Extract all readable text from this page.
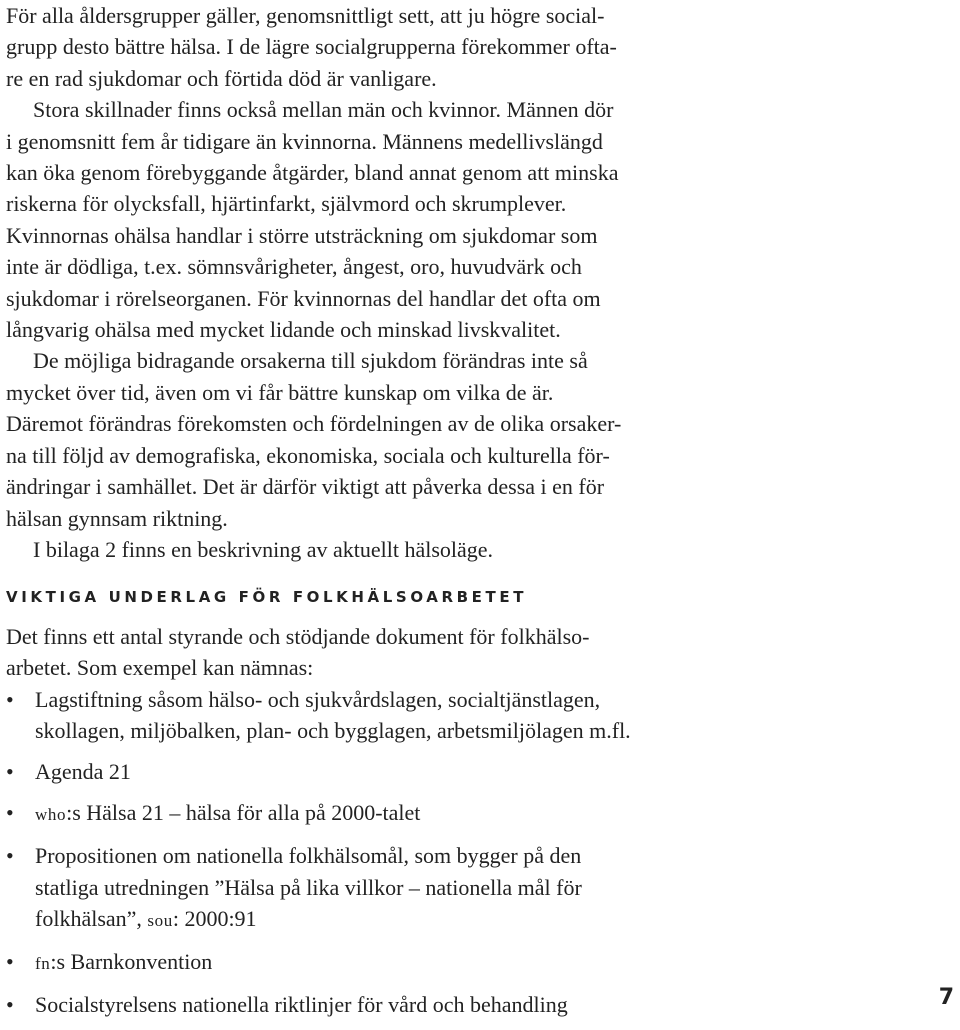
För alla åldersgrupper gäller, genomsnittligt sett, att ju högre social-
grupp desto bättre hälsa. I de lägre socialgrupperna förekommer ofta-
re en rad sjukdomar och förtida död är vanligare.
Stora skillnader finns också mellan män och kvinnor. Männen dör
i genomsnitt fem år tidigare än kvinnorna. Männens medellivslängd
kan öka genom förebyggande åtgärder, bland annat genom att minska
riskerna för olycksfall, hjärtinfarkt, självmord och skrumplever.
Kvinnornas ohälsa handlar i större utsträckning om sjukdomar som
inte är dödliga, t.ex. sömnsvårigheter, ångest, oro, huvudvärk och
sjukdomar i rörelseorganen. För kvinnornas del handlar det ofta om
långvarig ohälsa med mycket lidande och minskad livskvalitet.
De möjliga bidragande orsakerna till sjukdom förändras inte så
mycket över tid, även om vi får bättre kunskap om vilka de är.
Däremot förändras förekomsten och fördelningen av de olika orsaker-
na till följd av demografiska, ekonomiska, sociala och kulturella för-
ändringar i samhället. Det är därför viktigt att påverka dessa i en för
hälsan gynnsam riktning.
I bilaga 2 finns en beskrivning av aktuellt hälsoläge.
VIKTIGA UNDERLAG FÖR FOLKHÄLSOARBETET
Det finns ett antal styrande och stödjande dokument för folkhälso-
arbetet. Som exempel kan nämnas:
• Lagstiftning såsom hälso- och sjukvårdslagen, socialtjänstlagen,
skollagen, miljöbalken, plan- och bygglagen, arbetsmiljölagen m.fl.
• Agenda 21
• who:s Hälsa 21 – hälsa för alla på 2000-talet
• Propositionen om nationella folkhälsomål, som bygger på den
statliga utredningen ”Hälsa på lika villkor – nationella mål för
folkhälsan”, sou: 2000:91
• fn:s Barnkonvention
• Socialstyrelsens nationella riktlinjer för vård och behandling	7
